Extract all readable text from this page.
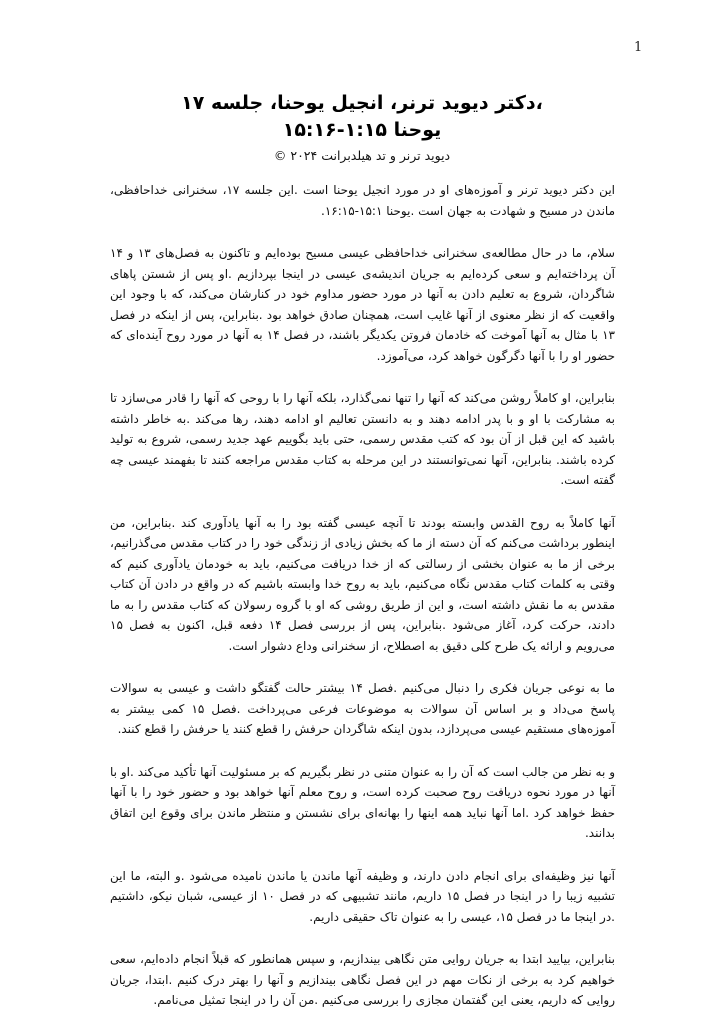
1
،دکتر دیوید ترنر، انجیل یوحنا، جلسه ۱۷
یوحنا ۱:۱۵-۱۵:۱۶
دیوید ترنر و تد هیلدبرانت ۲۰۲۴ ©

این دکتر دیوید ترنر و آموزه‌های او در مورد انجیل یوحنا است .این جلسه ۱۷، سخنرانی خداحافظی، ماندن در مسیح و شهادت به جهان است .یوحنا ۱۵:۱-۱۶:۱۵.

سلام، ما در حال مطالعه‌ی سخنرانی خداحافظی عیسی مسیح بوده‌ایم و تاکنون به فصل‌های ۱۳ و ۱۴ آن پرداخته‌ایم و سعی کرده‌ایم به جریان اندیشه‌ی عیسی در اینجا بپردازیم .او پس از شستن پاهای شاگردان، شروع به تعلیم دادن به آنها در مورد حضور مداوم خود در کنارشان می‌کند، که با وجود این واقعیت که از نظر معنوی از آنها غایب است، همچنان صادق خواهد بود .بنابراین، پس از اینکه در فصل ۱۳ با مثال به آنها آموخت که خادمان فروتن یکدیگر باشند، در فصل ۱۴ به آنها در مورد روح آینده‌ای که حضور او را با آنها دگرگون خواهد کرد، می‌آموزد.

بنابراین، او کاملاً روشن می‌کند که آنها را تنها نمی‌گذارد، بلکه آنها را با روحی که آنها را قادر می‌سازد تا به مشارکت با او و با پدر ادامه دهند و به دانستن تعالیم او ادامه دهند، رها می‌کند .به خاطر داشته باشید که این قبل از آن بود که کتب مقدس رسمی، حتی باید بگوییم عهد جدید رسمی، شروع به تولید کرده باشند. بنابراین، آنها نمی‌توانستند در این مرحله به کتاب مقدس مراجعه کنند تا بفهمند عیسی چه گفته است.

آنها کاملاً به روح القدس وابسته بودند تا آنچه عیسی گفته بود را به آنها یادآوری کند .بنابراین، من اینطور برداشت می‌کنم که آن دسته از ما که بخش زیادی از زندگی خود را در کتاب مقدس می‌گذرانیم، برخی از ما به عنوان بخشی از رسالتی که از خدا دریافت می‌کنیم، باید به خودمان یادآوری کنیم که وقتی به کلمات کتاب مقدس نگاه می‌کنیم، باید به روح خدا وابسته باشیم که در واقع در دادن آن کتاب مقدس به ما نقش داشته است، و این از طریق روشی که او با گروه رسولان که کتاب مقدس را به ما دادند، حرکت کرد، آغاز می‌شود .بنابراین، پس از بررسی فصل ۱۴ دفعه قبل، اکنون به فصل ۱۵ می‌رویم و ارائه یک طرح کلی دقیق به اصطلاح، از سخنرانی وداع دشوار است.

ما به نوعی جریان فکری را دنبال می‌کنیم .فصل ۱۴ بیشتر حالت گفتگو داشت و عیسی به سوالات پاسخ می‌داد و بر اساس آن سوالات به موضوعات فرعی می‌پرداخت .فصل ۱۵ کمی بیشتر به آموزه‌های مستقیم عیسی می‌پردازد، بدون اینکه شاگردان حرفش را قطع کنند یا حرفش را قطع کنند.

و به نظر من جالب است که آن را به عنوان متنی در نظر بگیریم که بر مسئولیت آنها تأکید می‌کند .او با آنها در مورد نحوه دریافت روح صحبت کرده است، و روح معلم آنها خواهد بود و حضور خود را با آنها حفظ خواهد کرد .اما آنها نباید همه اینها را بهانه‌ای برای نشستن و منتظر ماندن برای وقوع این اتفاق بدانند.

آنها نیز وظیفه‌ای برای انجام دادن دارند، و وظیفه آنها ماندن یا ماندن نامیده می‌شود .و البته، ما این تشبیه زیبا را در اینجا در فصل ۱۵ داریم، مانند تشبیهی که در فصل ۱۰ از عیسی، شبان نیکو، داشتیم .در اینجا ما در فصل ۱۵، عیسی را به عنوان تاک حقیقی داریم.

بنابراین، بیایید ابتدا به جریان روایی متن نگاهی بیندازیم، و سپس همانطور که قبلاً انجام داده‌ایم، سعی خواهیم کرد به برخی از نکات مهم در این فصل نگاهی بیندازیم و آنها را بهتر درک کنیم .ابتدا، جریان روایی که داریم، یعنی این گفتمان مجازی را بررسی می‌کنیم .من آن را در اینجا تمثیل می‌نامم.
